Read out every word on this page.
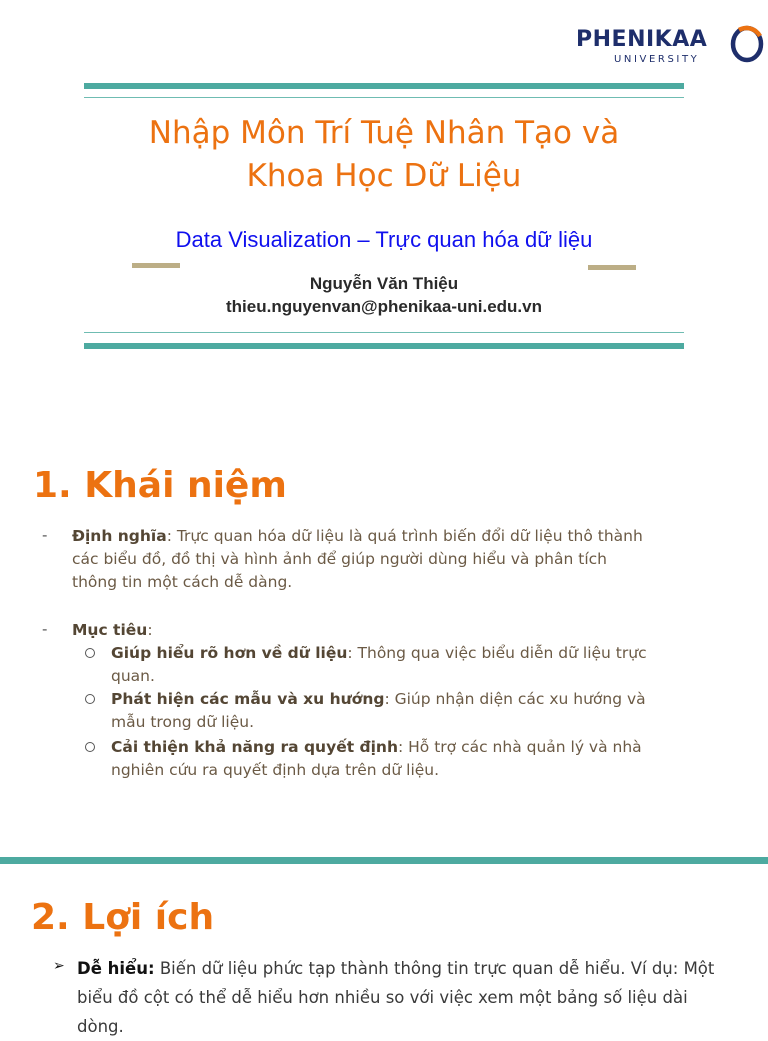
PHENIKAA
UNIVERSITY
Nhập Môn Trí Tuệ Nhân Tạo và
Khoa Học Dữ Liệu
Data Visualization – Trực quan hóa dữ liệu
Nguyễn Văn Thiệu
thieu.nguyenvan@phenikaa-uni.edu.vn
1. Khái niệm
- Định nghĩa: Trực quan hóa dữ liệu là quá trình biến đổi dữ liệu thô thành
các biểu đồ, đồ thị và hình ảnh để giúp người dùng hiểu và phân tích
thông tin một cách dễ dàng.
- Mục tiêu:
Giúp hiểu rõ hơn về dữ liệu: Thông qua việc biểu diễn dữ liệu trực
quan.
Phát hiện các mẫu và xu hướng: Giúp nhận diện các xu hướng và
mẫu trong dữ liệu.
Cải thiện khả năng ra quyết định: Hỗ trợ các nhà quản lý và nhà
nghiên cứu ra quyết định dựa trên dữ liệu.
2. Lợi ích
➢ Dễ hiểu: Biến dữ liệu phức tạp thành thông tin trực quan dễ hiểu. Ví dụ: Một
biểu đồ cột có thể dễ hiểu hơn nhiều so với việc xem một bảng số liệu dài
dòng.
